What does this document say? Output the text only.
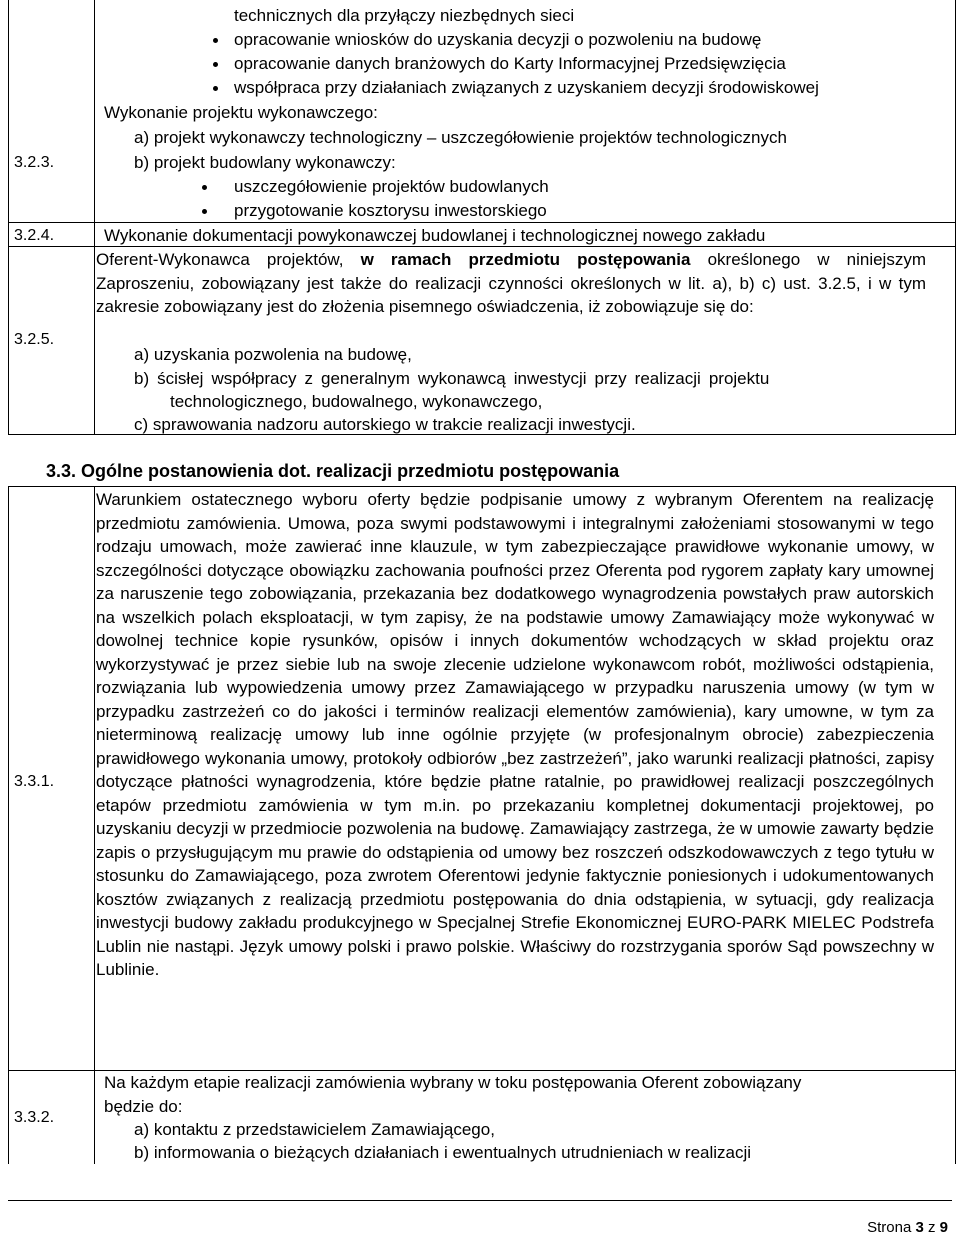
technicznych dla przyłączy niezbędnych sieci
opracowanie wniosków do uzyskania decyzji o pozwoleniu na budowę
opracowanie danych branżowych do Karty Informacyjnej Przedsięwzięcia
współpraca przy działaniach związanych z uzyskaniem decyzji środowiskowej
3.2.3.
Wykonanie projektu wykonawczego:
a) projekt wykonawczy technologiczny – uszczegółowienie projektów technologicznych
b) projekt budowlany wykonawczy:
uszczegółowienie projektów budowlanych
przygotowanie kosztorysu inwestorskiego
3.2.4.	Wykonanie dokumentacji powykonawczej budowlanej i technologicznej nowego zakładu
3.2.5.
Oferent-Wykonawca projektów, w ramach przedmiotu postępowania określonego w niniejszym Zaproszeniu, zobowiązany jest także do realizacji czynności określonych w lit. a), b) c) ust. 3.2.5, i w tym zakresie zobowiązany jest do złożenia pisemnego oświadczenia, iż zobowiązuje się do:
a) uzyskania pozwolenia na budowę,
b) ścisłej współpracy z generalnym wykonawcą inwestycji przy realizacji projektu
technologicznego, budowalnego, wykonawczego,
c) sprawowania nadzoru autorskiego w trakcie realizacji inwestycji.
3.3. Ogólne postanowienia dot. realizacji przedmiotu postępowania
3.3.1.
Warunkiem ostatecznego wyboru oferty będzie podpisanie umowy z wybranym Oferentem na realizację przedmiotu zamówienia. Umowa, poza swymi podstawowymi i integralnymi założeniami stosowanymi w tego rodzaju umowach, może zawierać inne klauzule, w tym zabezpieczające prawidłowe wykonanie umowy, w szczególności dotyczące obowiązku zachowania poufności przez Oferenta pod rygorem zapłaty kary umownej za naruszenie tego zobowiązania, przekazania bez dodatkowego wynagrodzenia powstałych praw autorskich na wszelkich polach eksploatacji, w tym zapisy, że na podstawie umowy Zamawiający może wykonywać w dowolnej technice kopie rysunków, opisów i innych dokumentów wchodzących w skład projektu oraz wykorzystywać je przez siebie lub na swoje zlecenie udzielone wykonawcom robót, możliwości odstąpienia, rozwiązania lub wypowiedzenia umowy przez Zamawiającego w przypadku naruszenia umowy (w tym w przypadku zastrzeżeń co do jakości i terminów realizacji elementów zamówienia), kary umowne, w tym za nieterminową realizację umowy lub inne ogólnie przyjęte (w profesjonalnym obrocie) zabezpieczenia prawidłowego wykonania umowy, protokoły odbiorów „bez zastrzeżeń”, jako warunki realizacji płatności, zapisy dotyczące płatności wynagrodzenia, które będzie płatne ratalnie, po prawidłowej realizacji poszczególnych etapów przedmiotu zamówienia w tym m.in. po przekazaniu kompletnej dokumentacji projektowej, po uzyskaniu decyzji w przedmiocie pozwolenia na budowę. Zamawiający zastrzega, że w umowie zawarty będzie zapis o przysługującym mu prawie do odstąpienia od umowy bez roszczeń odszkodowawczych z tego tytułu w stosunku do Zamawiającego, poza zwrotem Oferentowi jedynie faktycznie poniesionych i udokumentowanych kosztów związanych z realizacją przedmiotu postępowania do dnia odstąpienia, w sytuacji, gdy realizacja inwestycji budowy zakładu produkcyjnego w Specjalnej Strefie Ekonomicznej EURO-PARK MIELEC Podstrefa Lublin nie nastąpi. Język umowy polski i prawo polskie. Właściwy do rozstrzygania sporów Sąd powszechny w Lublinie.
3.3.2.
Na każdym etapie realizacji zamówienia wybrany w toku postępowania Oferent zobowiązany
będzie do:
a) kontaktu z przedstawicielem Zamawiającego,
b) informowania o bieżących działaniach i ewentualnych utrudnieniach w realizacji
Strona 3 z 9
